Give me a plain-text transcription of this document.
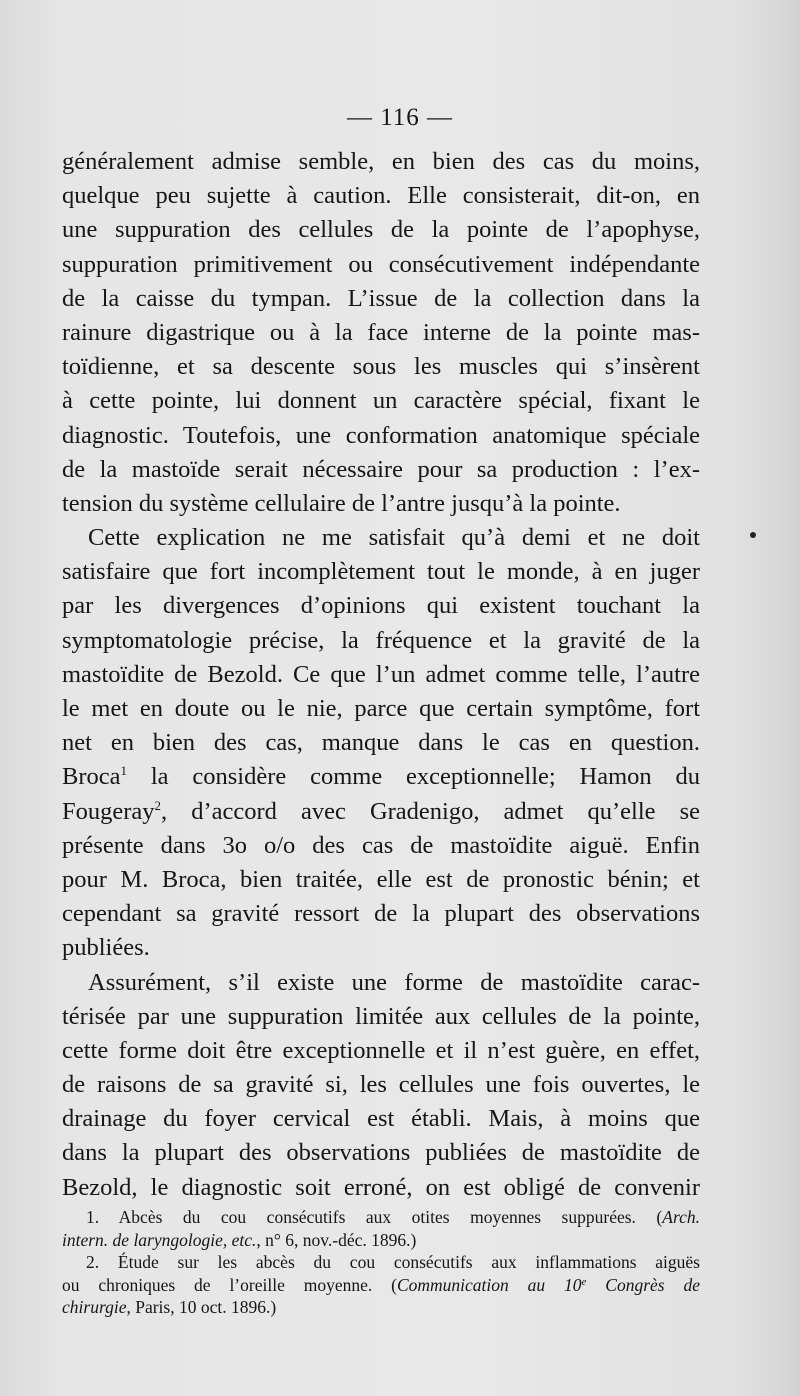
— 116 —
généralement admise semble, en bien des cas du moins,
quelque peu sujette à caution. Elle consisterait, dit-on, en
une suppuration des cellules de la pointe de l’apophyse,
suppuration primitivement ou consécutivement indépendante
de la caisse du tympan. L’issue de la collection dans la
rainure digastrique ou à la face interne de la pointe mas-
toïdienne, et sa descente sous les muscles qui s’insèrent
à cette pointe, lui donnent un caractère spécial, fixant le
diagnostic. Toutefois, une conformation anatomique spéciale
de la mastoïde serait nécessaire pour sa production : l’ex-
tension du système cellulaire de l’antre jusqu’à la pointe.
Cette explication ne me satisfait qu’à demi et ne doit
satisfaire que fort incomplètement tout le monde, à en juger
par les divergences d’opinions qui existent touchant la
symptomatologie précise, la fréquence et la gravité de la
mastoïdite de Bezold. Ce que l’un admet comme telle, l’autre
le met en doute ou le nie, parce que certain symptôme, fort
net en bien des cas, manque dans le cas en question.
Broca$^1$ la considère comme exceptionnelle; Hamon du
Fougeray$^2$, d’accord avec Gradenigo, admet qu’elle se
présente dans 3o o/o des cas de mastoïdite aiguë. Enfin
pour M. Broca, bien traitée, elle est de pronostic bénin; et
cependant sa gravité ressort de la plupart des observations
publiées.
Assurément, s’il existe une forme de mastoïdite carac-
térisée par une suppuration limitée aux cellules de la pointe,
cette forme doit être exceptionnelle et il n’est guère, en effet,
de raisons de sa gravité si, les cellules une fois ouvertes, le
drainage du foyer cervical est établi. Mais, à moins que
dans la plupart des observations publiées de mastoïdite de
Bezold, le diagnostic soit erroné, on est obligé de convenir
1. Abcès du cou consécutifs aux otites moyennes suppurées. (Arch.
intern. de laryngologie, etc., n° 6, nov.-déc. 1896.)
2. Étude sur les abcès du cou consécutifs aux inflammations aiguës
ou chroniques de l’oreille moyenne. (Communication au 10e Congrès de
chirurgie, Paris, 10 oct. 1896.)
